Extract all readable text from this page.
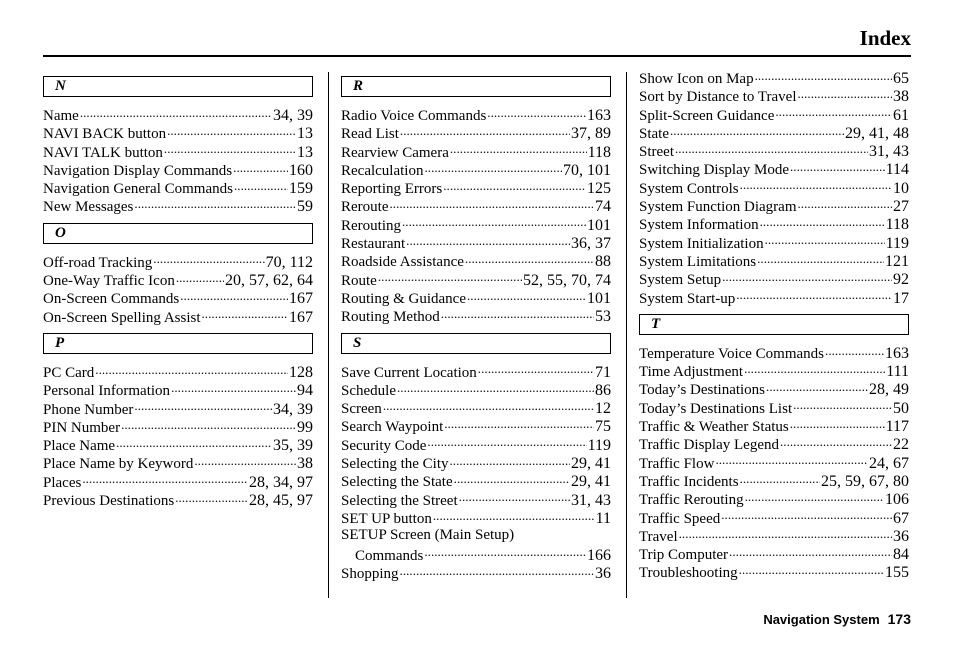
Index
N
Name . . .	34, 39
NAVI BACK button . . .	13
NAVI TALK button . . .	13
Navigation Display Commands . . .	160
Navigation General Commands . . .	159
New Messages . . .	59
O
Off-road Tracking . . .	70, 112
One-Way Traffic Icon . . .	20, 57, 62, 64
On-Screen Commands . . .	167
On-Screen Spelling Assist . . .	167
P
PC Card . . .	128
Personal Information . . .	94
Phone Number . . .	34, 39
PIN Number . . .	99
Place Name . . .	35, 39
Place Name by Keyword . . .	38
Places . . .	28, 34, 97
Previous Destinations . . .	28, 45, 97
R
Radio Voice Commands . . .	163
Read List . . .	37, 89
Rearview Camera . . .	118
Recalculation . . .	70, 101
Reporting Errors . . .	125
Reroute . . .	74
Rerouting . . .	101
Restaurant . . .	36, 37
Roadside Assistance . . .	88
Route . . .	52, 55, 70, 74
Routing & Guidance . . .	101
Routing Method . . .	53
S
Save Current Location . . .	71
Schedule . . .	86
Screen . . .	12
Search Waypoint . . .	75
Security Code . . .	119
Selecting the City . . .	29, 41
Selecting the State . . .	29, 41
Selecting the Street . . .	31, 43
SET UP button . . .	11
SETUP Screen (Main Setup)
Commands . . .	166
Shopping . . .	36
Show Icon on Map . . .	65
Sort by Distance to Travel . . .	38
Split-Screen Guidance . . .	61
State . . .	29, 41, 48
Street . . .	31, 43
Switching Display Mode . . .	114
System Controls . . .	10
System Function Diagram . . .	27
System Information . . .	118
System Initialization . . .	119
System Limitations . . .	121
System Setup . . .	92
System Start-up . . .	17
T
Temperature Voice Commands . . .	163
Time Adjustment . . .	111
Today’s Destinations . . .	28, 49
Today’s Destinations List . . .	50
Traffic & Weather Status . . .	117
Traffic Display Legend . . .	22
Traffic Flow . . .	24, 67
Traffic Incidents . . .	25, 59, 67, 80
Traffic Rerouting . . .	106
Traffic Speed . . .	67
Travel . . .	36
Trip Computer . . .	84
Troubleshooting . . .	155
Navigation System 173
